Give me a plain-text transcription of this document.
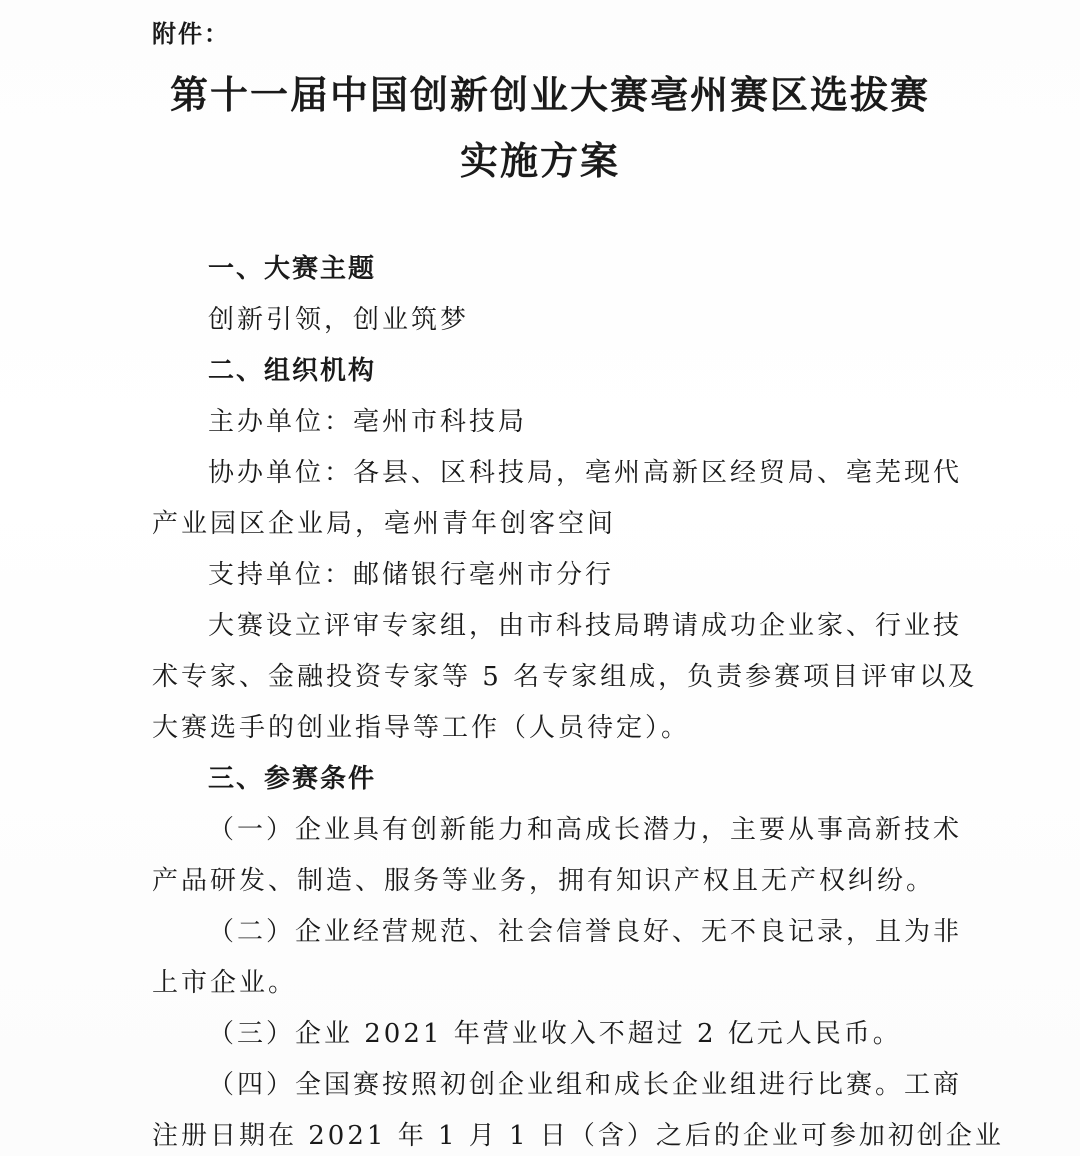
附件：
第十一届中国创新创业大赛亳州赛区选拔赛
实施方案
一、大赛主题
创新引领，创业筑梦
二、组织机构
主办单位：亳州市科技局
协办单位：各县、区科技局，亳州高新区经贸局、亳芜现代
产业园区企业局，亳州青年创客空间
支持单位：邮储银行亳州市分行
大赛设立评审专家组，由市科技局聘请成功企业家、行业技
术专家、金融投资专家等 5 名专家组成，负责参赛项目评审以及
大赛选手的创业指导等工作（人员待定）。
三、参赛条件
（一）企业具有创新能力和高成长潜力，主要从事高新技术
产品研发、制造、服务等业务，拥有知识产权且无产权纠纷。
（二）企业经营规范、社会信誉良好、无不良记录，且为非
上市企业。
（三）企业 2021 年营业收入不超过 2 亿元人民币。
（四）全国赛按照初创企业组和成长企业组进行比赛。工商
注册日期在 2021 年 1 月 1 日（含）之后的企业可参加初创企业
